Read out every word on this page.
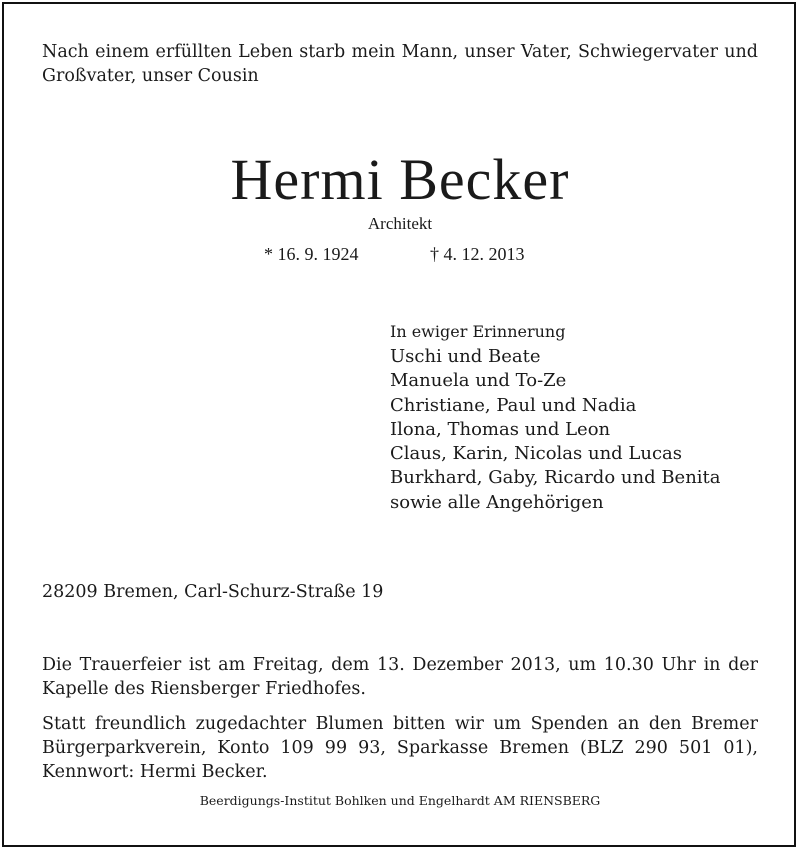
Nach einem erfüllten Leben starb mein Mann, unser Vater, Schwiegervater und Großvater, unser Cousin
Hermi Becker
Architekt
* 16. 9. 1924	† 4. 12. 2013
In ewiger Erinnerung
Uschi und Beate
Manuela und To-Ze
Christiane, Paul und Nadia
Ilona, Thomas und Leon
Claus, Karin, Nicolas und Lucas
Burkhard, Gaby, Ricardo und Benita
sowie alle Angehörigen
28209 Bremen, Carl-Schurz-Straße 19
Die Trauerfeier ist am Freitag, dem 13. Dezember 2013, um 10.30 Uhr in der Kapelle des Riensberger Friedhofes.
Statt freundlich zugedachter Blumen bitten wir um Spenden an den Bremer Bürgerparkverein, Konto 109 99 93, Sparkasse Bremen (BLZ 290 501 01), Kennwort: Hermi Becker.
Beerdigungs-Institut Bohlken und Engelhardt AM RIENSBERG
